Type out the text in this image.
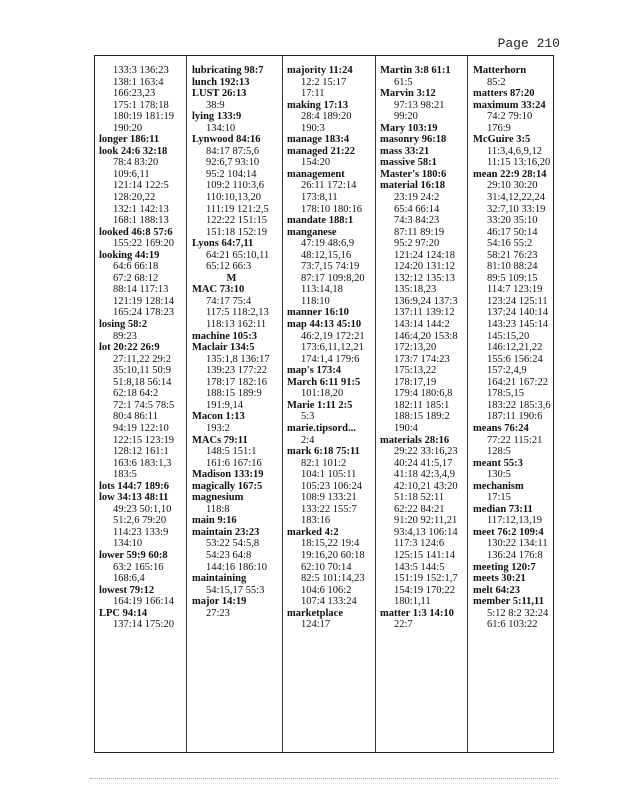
Page 210
133:3 136:23
138:1 163:4
166:23,23
175:1 178:18
180:19 181:19
190:20
longer 186:11
look 24:6 32:18
78:4 83:20
109:6,11
121:14 122:5
128:20,22
132:1 142:13
168:1 188:13
looked 46:8 57:6
155:22 169:20
looking 44:19
64:6 66:18
67:2 68:12
88:14 117:13
121:19 128:14
165:24 178:23
losing 58:2
89:23
lot 20:22 26:9
27:11,22 29:2
35:10,11 50:9
51:8,18 56:14
62:18 64:2
72:1 74:5 78:5
80:4 86:11
94:19 122:10
122:15 123:19
128:12 161:1
163:6 183:1,3
183:5
lots 144:7 189:6
low 34:13 48:11
49:23 50:1,10
51:2,6 79:20
114:23 133:9
134:10
lower 59:9 60:8
63:2 165:16
168:6,4
lowest 79:12
164:19 166:14
LPC 94:14
137:14 175:20
lubricating 98:7
lunch 192:13
LUST 26:13
38:9
lying 133:9
134:10
Lynwood 84:16
84:17 87:5,6
92:6,7 93:10
95:2 104:14
109:2 110:3,6
110:10,13,20
111:19 121:2,5
122:22 151:15
151:18 152:19
Lyons 64:7,11
64:21 65:10,11
65:12 66:3
M
MAC 73:10
74:17 75:4
117:5 118:2,13
118:13 162:11
machine 105:3
Maclair 134:5
135:1,8 136:17
139:23 177:22
178:17 182:16
188:15 189:9
191:9,14
Macon 1:13
193:2
MACs 79:11
148:5 151:1
161:6 167:16
Madison 133:19
magically 167:5
magnesium
118:8
main 9:16
maintain 23:23
53:22 54:5,8
54:23 64:8
144:16 186:10
maintaining
54:15,17 55:3
major 14:19
27:23
majority 11:24
12:2 15:17
17:11
making 17:13
28:4 189:20
190:3
manage 183:4
managed 21:22
154:20
management
26:11 172:14
173:8,11
178:10 180:16
mandate 188:1
manganese
47:19 48:6,9
48:12,15,16
73:7,15 74:19
87:17 109:8,20
113:14,18
118:10
manner 16:10
map 44:13 45:10
46:2,19 172:21
173:6,11,12,21
174:1,4 179:6
map's 173:4
March 6:11 91:5
101:18,20
Marie 1:11 2:5
5:3
marie.tipsord...
2:4
mark 6:18 75:11
82:1 101:2
104:1 105:11
105:23 106:24
108:9 133:21
133:22 155:7
183:16
marked 4:2
18:15,22 19:4
19:16,20 60:18
62:10 70:14
82:5 101:14,23
104:6 106:2
107:4 133:24
marketplace
124:17
Martin 3:8 61:1
61:5
Marvin 3:12
97:13 98:21
99:20
Mary 103:19
masonry 96:18
mass 33:21
massive 58:1
Master's 180:6
material 16:18
23:19 24:2
65:4 66:14
74:3 84:23
87:11 89:19
95:2 97:20
121:24 124:18
124:20 131:12
132:12 135:13
135:18,23
136:9,24 137:3
137:11 139:12
143:14 144:2
146:4,20 153:8
172:13,20
173:7 174:23
175:13,22
178:17,19
179:4 180:6,8
182:11 185:1
188:15 189:2
190:4
materials 28:16
29:22 33:16,23
40:24 41:5,17
41:18 42:3,4,9
42:10,21 43:20
51:18 52:11
62:22 84:21
91:20 92:11,21
93:4,13 106:14
117:3 124:6
125:15 141:14
143:5 144:5
151:19 152:1,7
154:19 170:22
180:1,11
matter 1:3 14:10
22:7
Matterhorn
85:2
matters 87:20
maximum 33:24
74:2 79:10
176:9
McGuire 3:5
11:3,4,6,9,12
11:15 13:16,20
mean 22:9 28:14
29:10 30:20
31:4,12,22,24
32:7,10 33:19
33:20 35:10
46:17 50:14
54:16 55:2
58:21 76:23
81:10 88:24
89:5 109:15
114:7 123:19
123:24 125:11
137:24 140:14
143:23 145:14
145:15,20
146:12,21,22
155:6 156:24
157:2,4,9
164:21 167:22
178:5,15
183:22 185:3,6
187:11 190:6
means 76:24
77:22 115:21
128:5
meant 55:3
130:5
mechanism
17:15
median 73:11
117:12,13,19
meet 76:2 109:4
130:22 134:11
136:24 176:8
meeting 120:7
meets 30:21
melt 64:23
member 5:11,11
5:12 8:2 32:24
61:6 103:22
